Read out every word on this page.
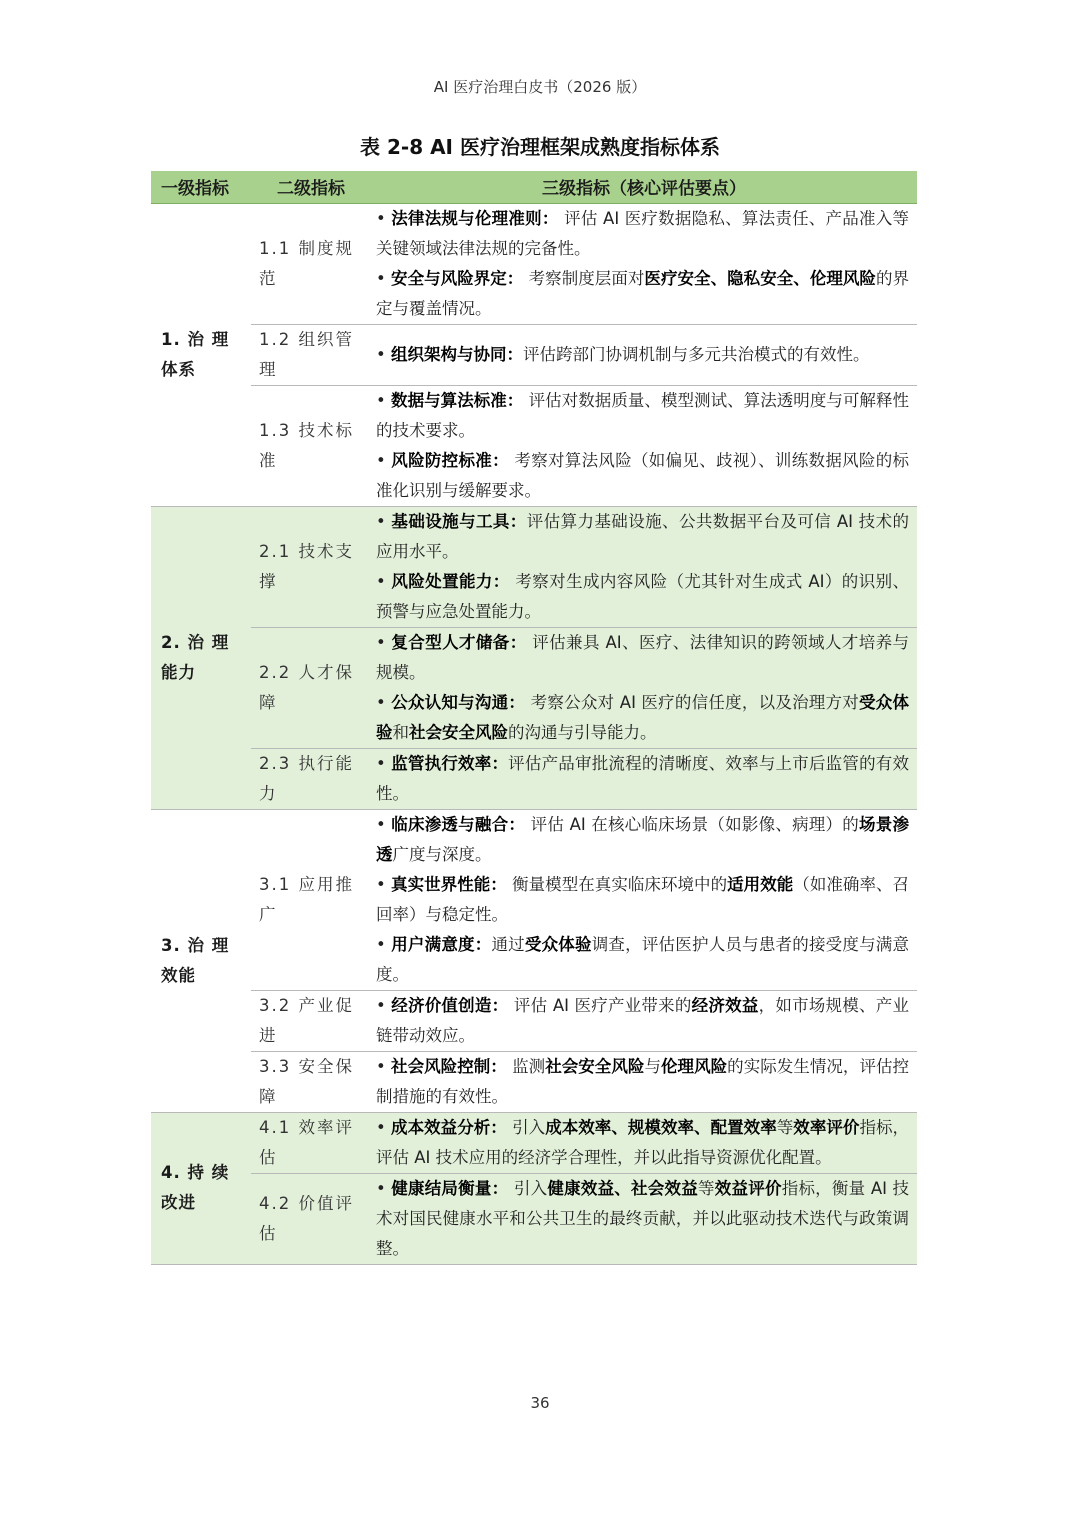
AI 医疗治理白皮书（2026 版）
表 2-8 AI 医疗治理框架成熟度指标体系
一级指标	二级指标	三级指标（核心评估要点）
1. 治 理 体系	1.1 制度规范	• 法律法规与伦理准则： 评估 AI 医疗数据隐私、算法责任、产品准入等关键领域法律法规的完备性。
• 安全与风险界定： 考察制度层面对医疗安全、隐私安全、伦理风险的界定与覆盖情况。

	1.2 组织管理	• 组织架构与协同：评估跨部门协调机制与多元共治模式的有效性。

	1.3 技术标准	• 数据与算法标准： 评估对数据质量、模型测试、算法透明度与可解释性的技术要求。
• 风险防控标准： 考察对算法风险（如偏见、歧视）、训练数据风险的标准化识别与缓解要求。

2. 治 理 能力	2.1 技术支撑	• 基础设施与工具：评估算力基础设施、公共数据平台及可信 AI 技术的应用水平。
• 风险处置能力： 考察对生成内容风险（尤其针对生成式 AI）的识别、预警与应急处置能力。

	2.2 人才保障	• 复合型人才储备： 评估兼具 AI、医疗、法律知识的跨领域人才培养与规模。
• 公众认知与沟通： 考察公众对 AI 医疗的信任度，以及治理方对受众体验和社会安全风险的沟通与引导能力。

	2.3 执行能力	• 监管执行效率：评估产品审批流程的清晰度、效率与上市后监管的有效性。

3. 治 理 效能	3.1 应用推广	• 临床渗透与融合： 评估 AI 在核心临床场景（如影像、病理）的场景渗透广度与深度。
• 真实世界性能： 衡量模型在真实临床环境中的适用效能（如准确率、召回率）与稳定性。
• 用户满意度：通过受众体验调查，评估医护人员与患者的接受度与满意度。

	3.2 产业促进	• 经济价值创造： 评估 AI 医疗产业带来的经济效益，如市场规模、产业链带动效应。

	3.3 安全保障	• 社会风险控制： 监测社会安全风险与伦理风险的实际发生情况，评估控制措施的有效性。

4. 持 续 改进	4.1 效率评估	• 成本效益分析： 引入成本效率、规模效率、配置效率等效率评价指标，评估 AI 技术应用的经济学合理性，并以此指导资源优化配置。

	4.2 价值评估	• 健康结局衡量： 引入健康效益、社会效益等效益评价指标，衡量 AI 技术对国民健康水平和公共卫生的最终贡献，并以此驱动技术迭代与政策调整。
36
